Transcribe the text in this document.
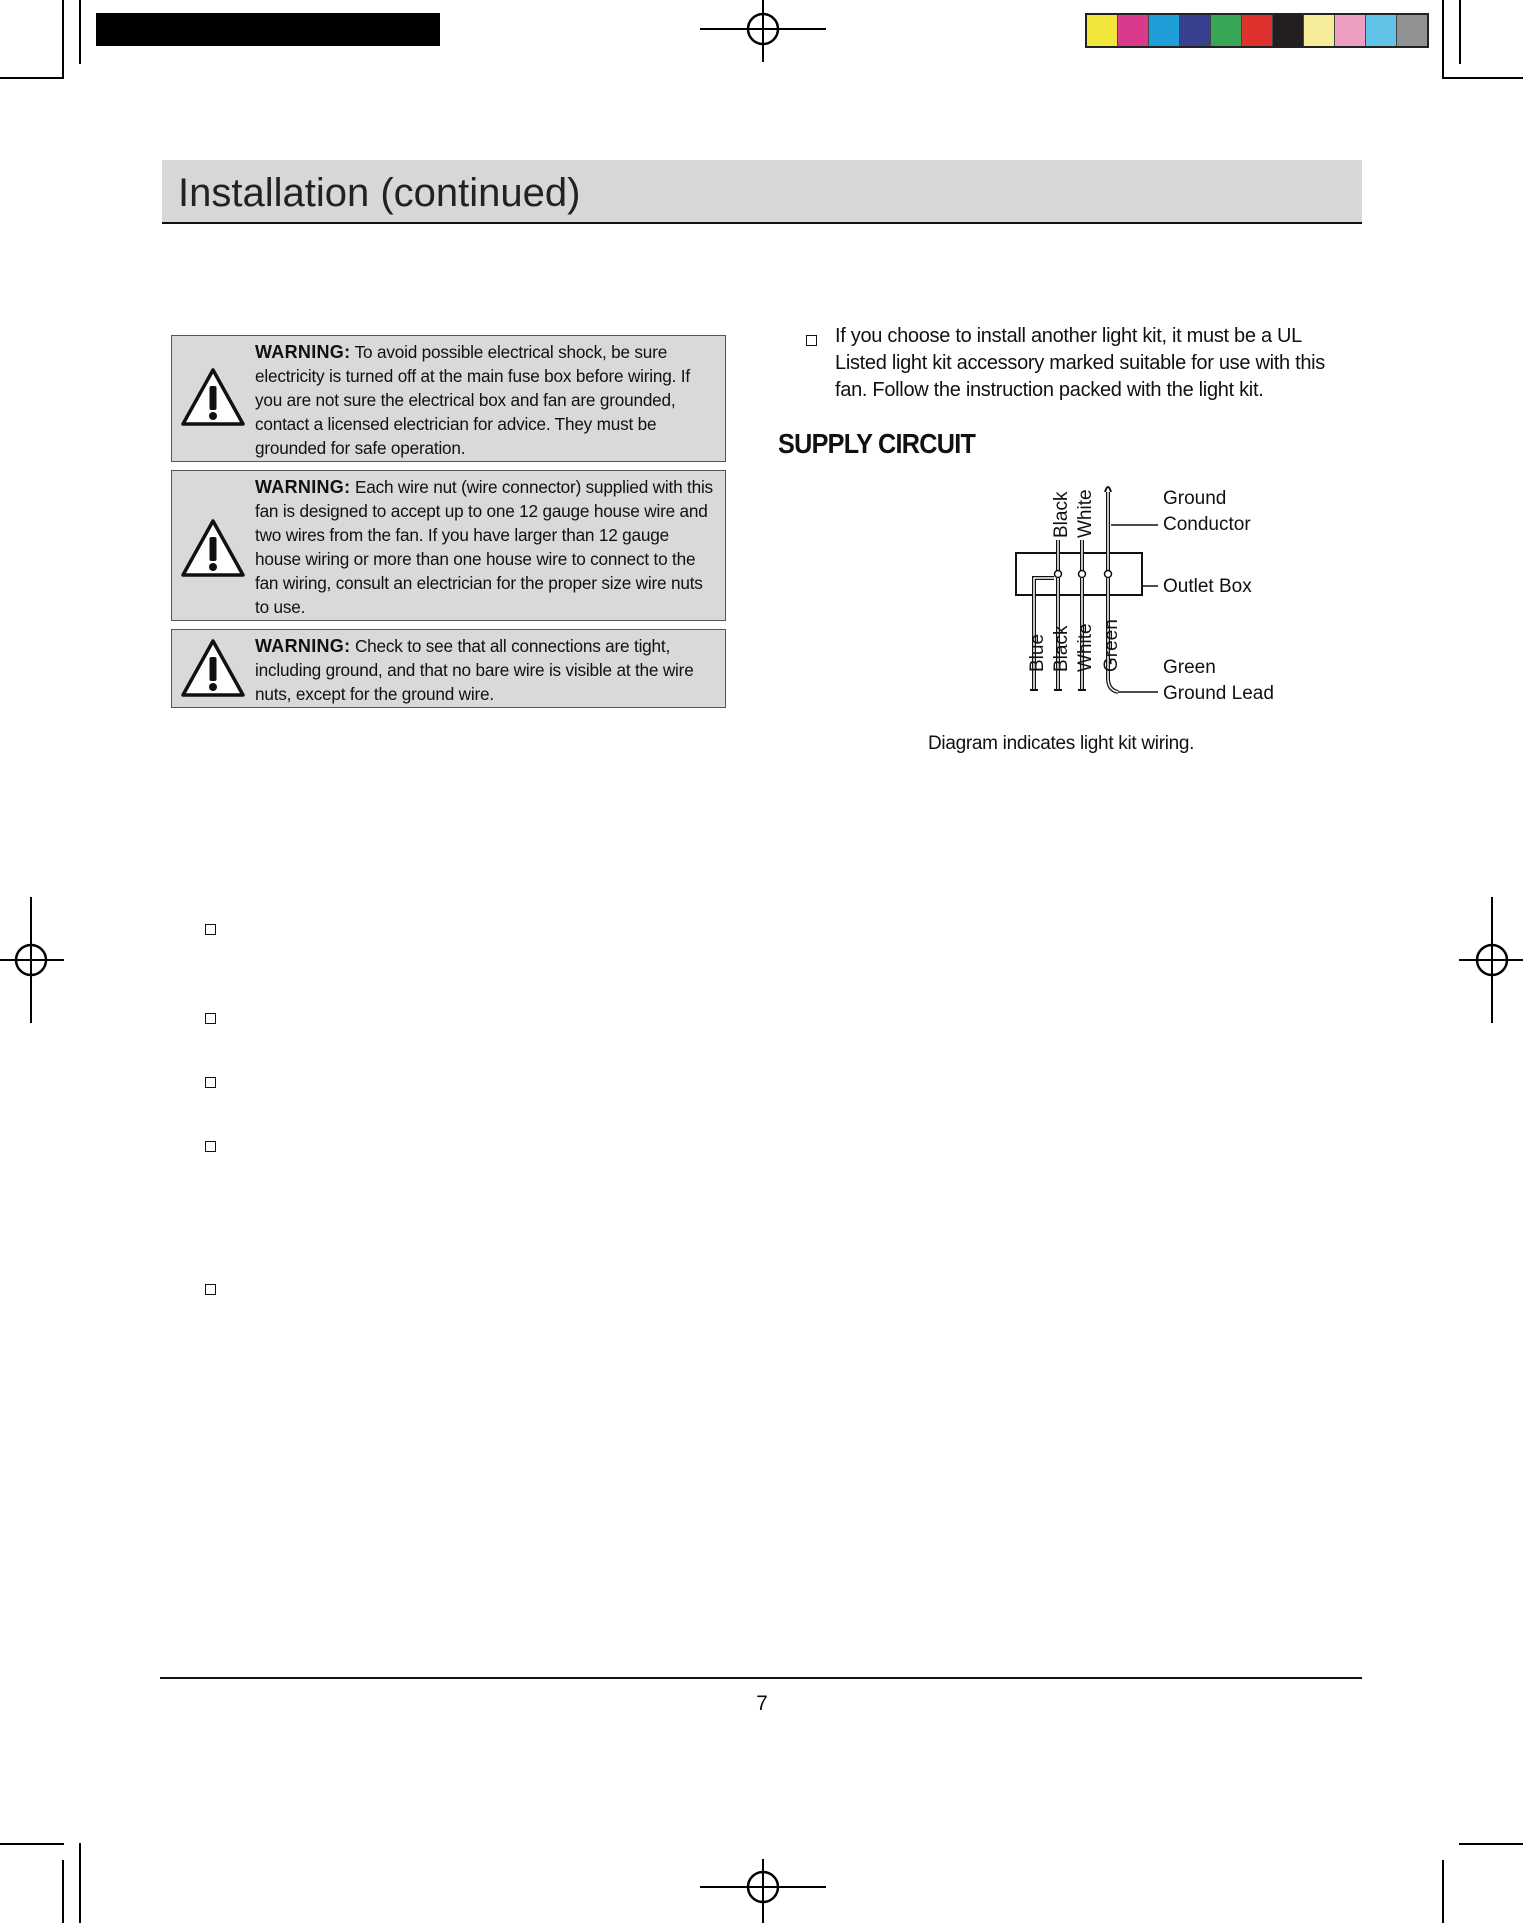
Installation (continued)
WARNING: To avoid possible electrical shock, be sure electricity is turned off at the main fuse box before wiring. If you are not sure the electrical box and fan are grounded, contact a licensed electrician for advice. They must be grounded for safe operation.
WARNING: Each wire nut (wire connector) supplied with this fan is designed to accept up to one 12 gauge house wire and two wires from the fan. If you have larger than 12 gauge house wiring or more than one house wire to connect to the fan wiring, consult an electrician for the proper size wire nuts to use.
WARNING: Check to see that all connections are tight, including ground, and that no bare wire is visible at the wire nuts, except for the ground wire.
If you choose to install another light kit, it must be a UL Listed light kit accessory marked suitable for use with this fan. Follow the instruction packed with the light kit.
SUPPLY CIRCUIT
Black White
Blue Black White Green
Ground
Conductor
Outlet Box
Green
Ground Lead
Diagram indicates light kit wiring.
7
